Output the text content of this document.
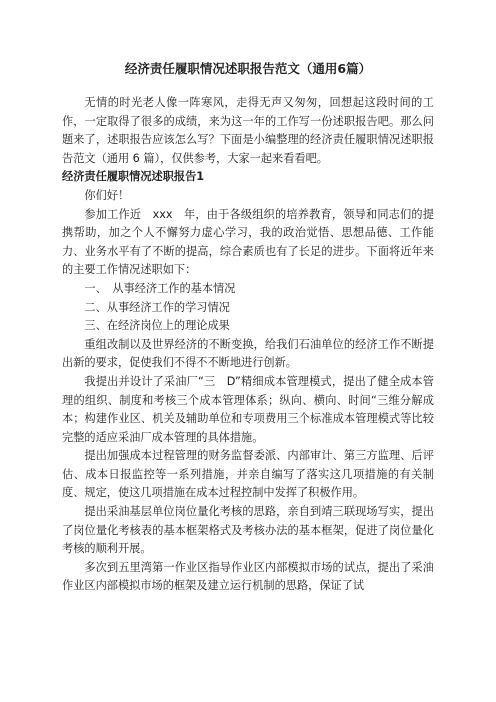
经济责任履职情况述职报告范文（通用6篇）

无情的时光老人像一阵寒风，走得无声又匆匆，回想起这段时间的工作，一定取得了很多的成绩，来为这一年的工作写一份述职报告吧。那么问题来了，述职报告应该怎么写？下面是小编整理的经济责任履职情况述职报告范文（通用 6 篇），仅供参考，大家一起来看看吧。

经济责任履职情况述职报告1

你们好！

参加工作近　xxx　年，由于各级组织的培养教育，领导和同志们的提携帮助，加之个人不懈努力虚心学习，我的政治觉悟、思想品德、工作能力、业务水平有了不断的提高，综合素质也有了长足的进步。下面将近年来的主要工作情况述职如下：

一、　从事经济工作的基本情况

二、从事经济工作的学习情况

三、在经济岗位上的理论成果

重组改制以及世界经济的不断变换，给我们石油单位的经济工作不断提出新的要求，促使我们不得不不断地进行创新。

我提出并设计了采油厂“三　D”精细成本管理模式，提出了健全成本管理的组织、制度和考核三个成本管理体系；纵向、横向、时间“三维分解成本；构建作业区、机关及辅助单位和专项费用三个标准成本管理模式等比较完整的适应采油厂成本管理的具体措施。

提出加强成本过程管理的财务监督委派、内部审计、第三方监理、后评估、成本日报监控等一系列措施，并亲自编写了落实这几项措施的有关制度、规定，使这几项措施在成本过程控制中发挥了积极作用。

提出采油基层单位岗位量化考核的思路，亲自到靖三联现场写实，提出了岗位量化考核表的基本框架格式及考核办法的基本框架，促进了岗位量化考核的顺利开展。

多次到五里湾第一作业区指导作业区内部模拟市场的试点，提出了采油作业区内部模拟市场的框架及建立运行机制的思路，保证了试
